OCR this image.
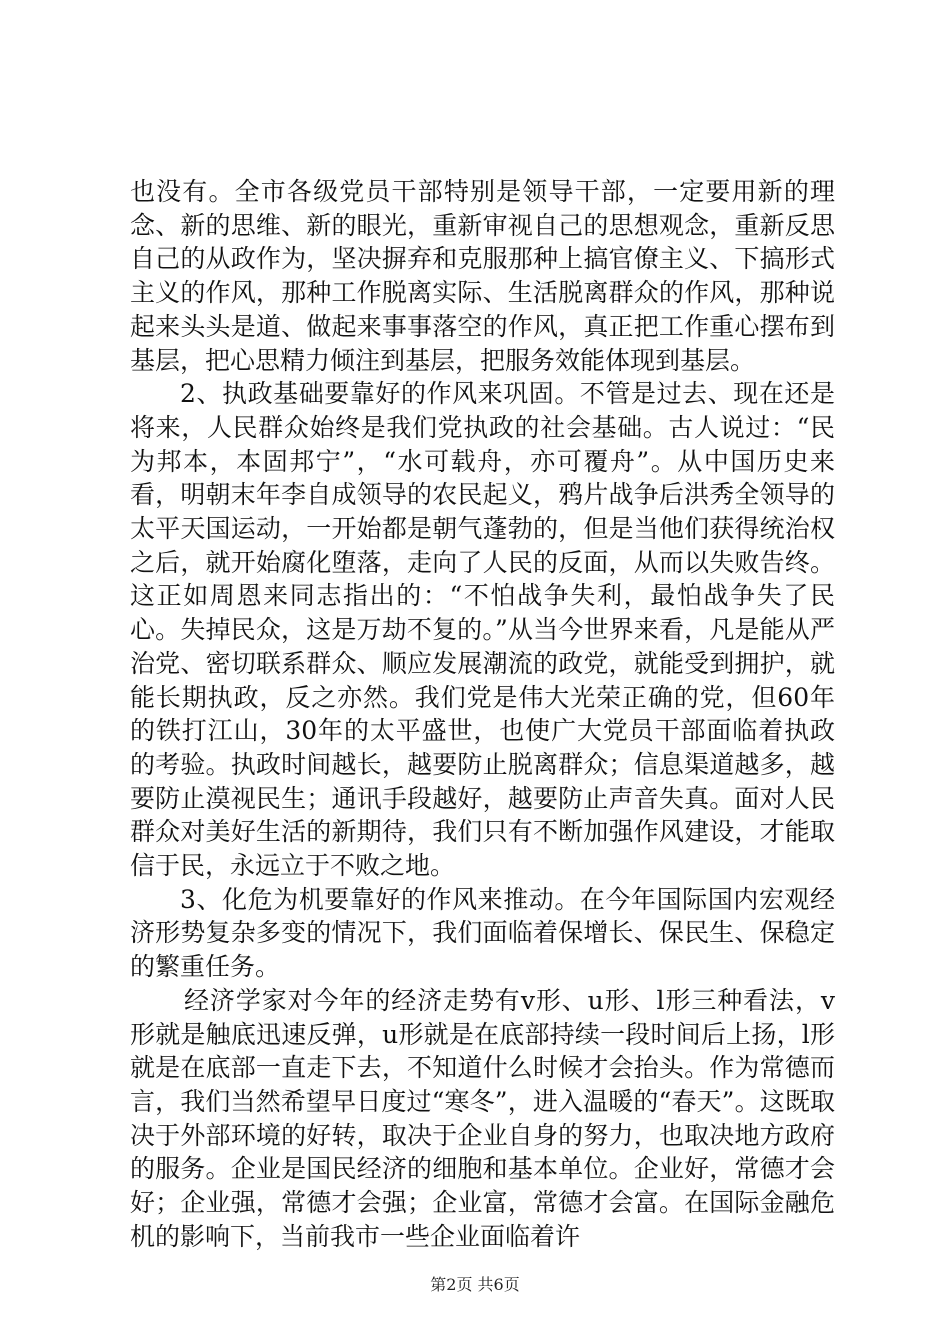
也没有。全市各级党员干部特别是领导干部，一定要用新的理念、新的思维、新的眼光，重新审视自己的思想观念，重新反思自己的从政作为，坚决摒弃和克服那种上搞官僚主义、下搞形式主义的作风，那种工作脱离实际、生活脱离群众的作风，那种说起来头头是道、做起来事事落空的作风，真正把工作重心摆布到基层，把心思精力倾注到基层，把服务效能体现到基层。

2、执政基础要靠好的作风来巩固。不管是过去、现在还是将来，人民群众始终是我们党执政的社会基础。古人说过：“民为邦本，本固邦宁”，“水可载舟，亦可覆舟”。从中国历史来看，明朝末年李自成领导的农民起义，鸦片战争后洪秀全领导的太平天国运动，一开始都是朝气蓬勃的，但是当他们获得统治权之后，就开始腐化堕落，走向了人民的反面，从而以失败告终。这正如周恩来同志指出的：“不怕战争失利，最怕战争失了民心。失掉民众，这是万劫不复的。”从当今世界来看，凡是能从严治党、密切联系群众、顺应发展潮流的政党，就能受到拥护，就能长期执政，反之亦然。我们党是伟大光荣正确的党，但60年的铁打江山，30年的太平盛世，也使广大党员干部面临着执政的考验。执政时间越长，越要防止脱离群众；信息渠道越多，越要防止漠视民生；通讯手段越好，越要防止声音失真。面对人民群众对美好生活的新期待，我们只有不断加强作风建设，才能取信于民，永远立于不败之地。

3、化危为机要靠好的作风来推动。在今年国际国内宏观经济形势复杂多变的情况下，我们面临着保增长、保民生、保稳定的繁重任务。

经济学家对今年的经济走势有v形、u形、l形三种看法，v形就是触底迅速反弹，u形就是在底部持续一段时间后上扬，l形就是在底部一直走下去，不知道什么时候才会抬头。作为常德而言，我们当然希望早日度过“寒冬”，进入温暖的“春天”。这既取决于外部环境的好转，取决于企业自身的努力，也取决地方政府的服务。企业是国民经济的细胞和基本单位。企业好，常德才会好；企业强，常德才会强；企业富，常德才会富。在国际金融危机的影响下，当前我市一些企业面临着许

第2页 共6页
